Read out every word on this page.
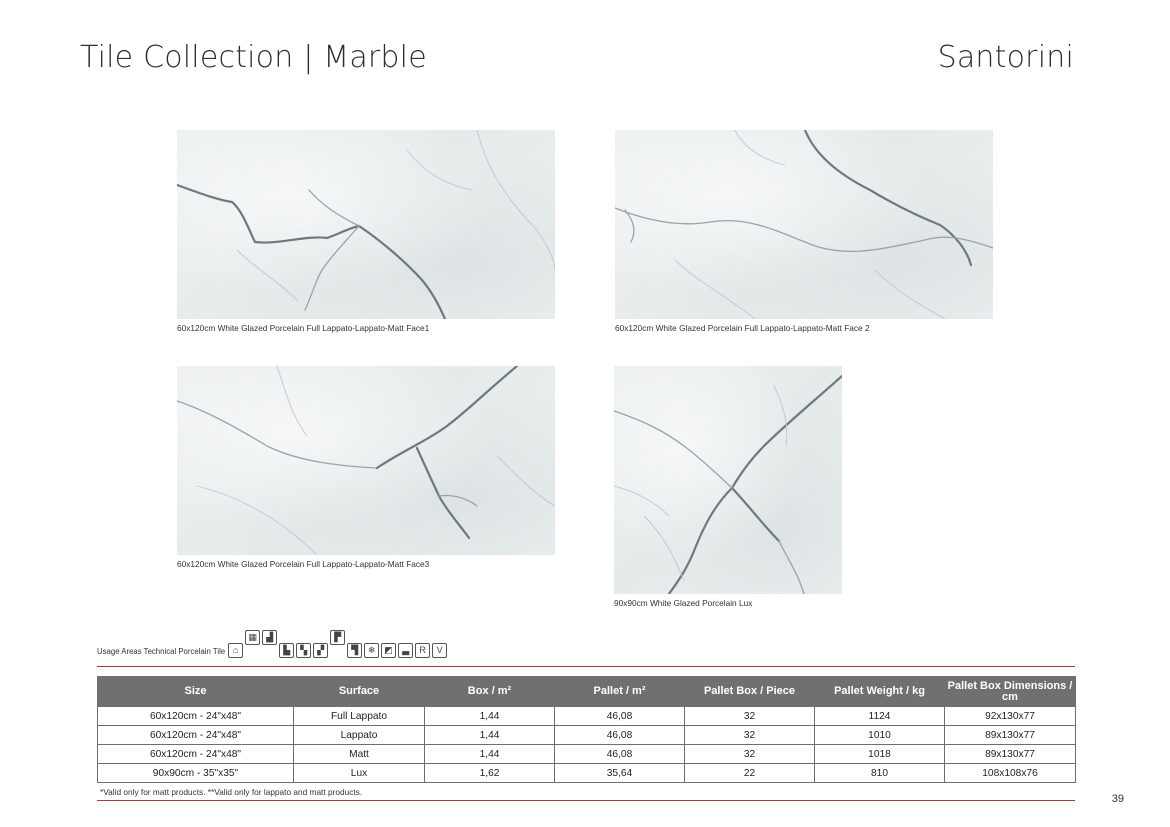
Tile Collection | Marble	Santorini
60x120cm White Glazed Porcelain Full Lappato-Lappato-Matt Face1	60x120cm White Glazed Porcelain Full Lappato-Lappato-Matt Face 2
60x120cm White Glazed Porcelain Full Lappato-Lappato-Matt Face3
90x90cm White Glazed Porcelain Lux
Usage Areas Technical Porcelain Tile ⌂
▦	▟
▙	▚	▞
▛
▜	❄ ◩	▃	R	V
Size	Surface	Box / m²	Pallet / m²	Pallet Box / Piece	Pallet Weight / kg	Pallet Box Dimensions / cm
60x120cm - 24"x48"	Full Lappato	1,44	46,08	32	1124	92x130x77
60x120cm - 24"x48"	Lappato	1,44	46,08	32	1010	89x130x77
60x120cm - 24"x48"	Matt	1,44	46,08	32	1018	89x130x77
90x90cm - 35"x35"	Lux	1,62	35,64	22	810	108x108x76
*Valid only for matt products. **Valid only for lappato and matt products.
39
